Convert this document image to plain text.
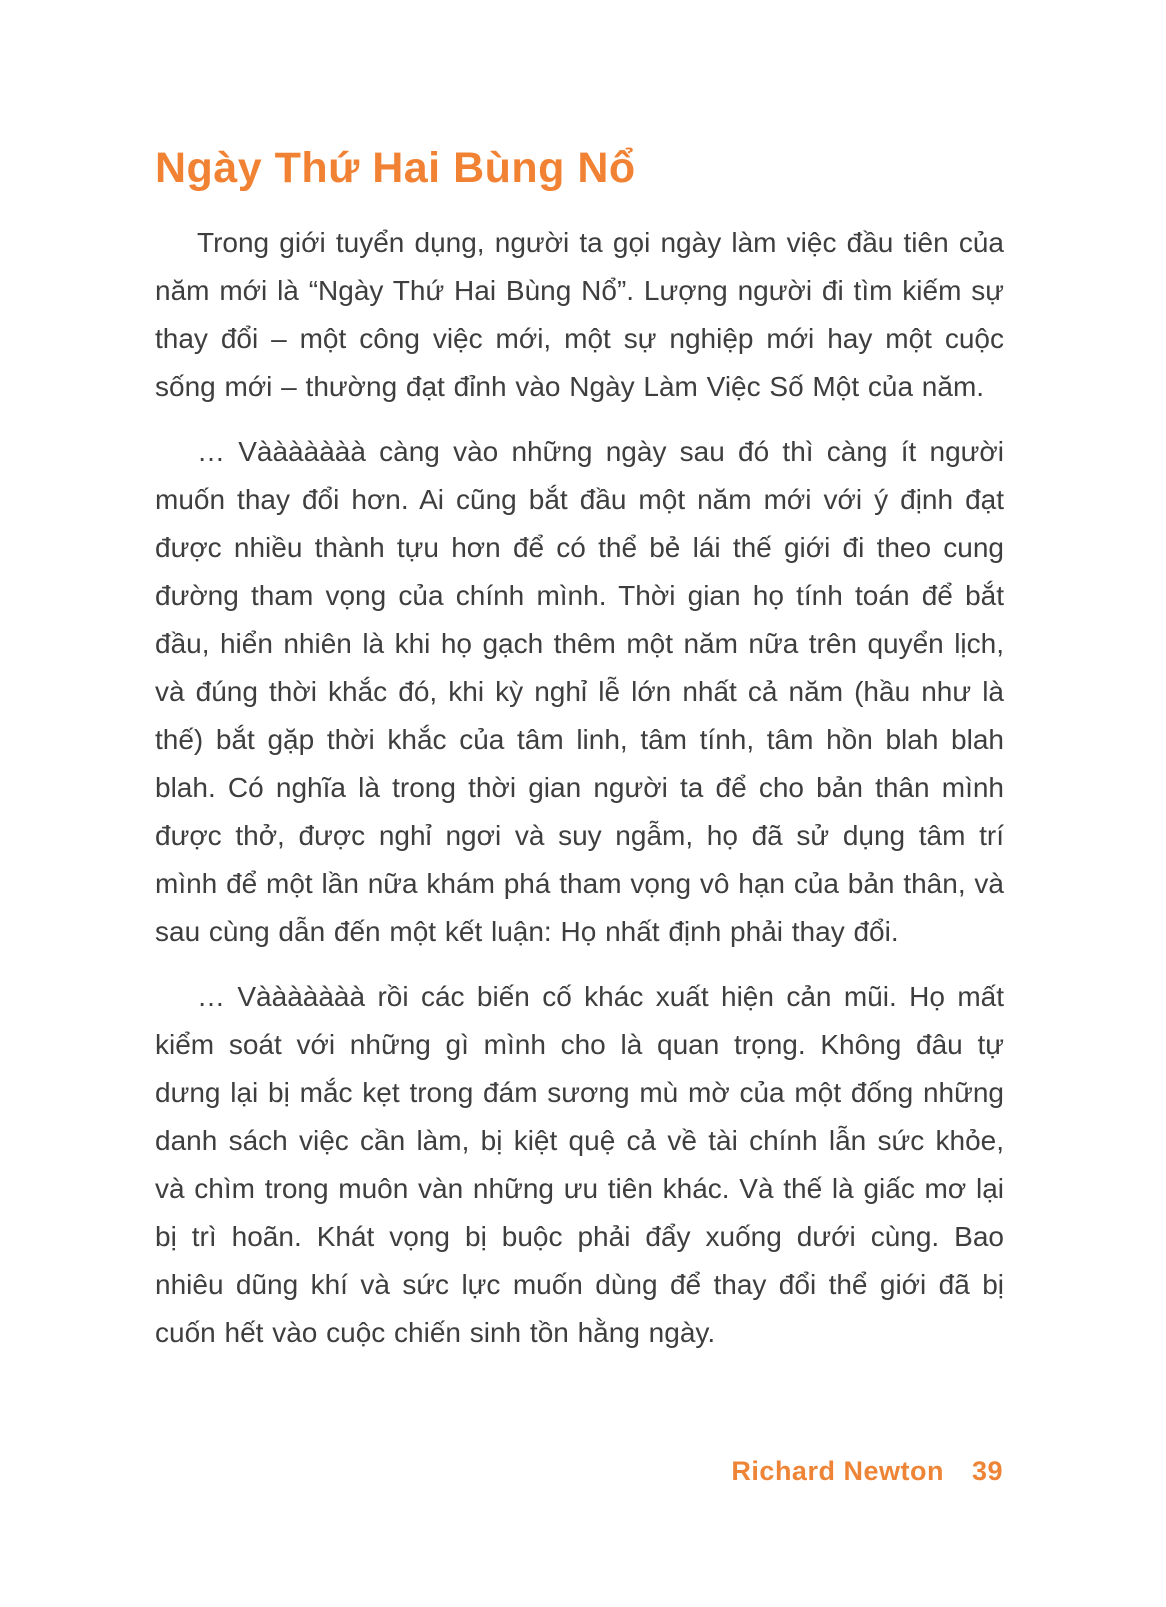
Ngày Thứ Hai Bùng Nổ

Trong giới tuyển dụng, người ta gọi ngày làm việc đầu tiên của năm mới là “Ngày Thứ Hai Bùng Nổ”. Lượng người đi tìm kiếm sự thay đổi – một công việc mới, một sự nghiệp mới hay một cuộc sống mới – thường đạt đỉnh vào Ngày Làm Việc Số Một của năm.

… Vààààààà càng vào những ngày sau đó thì càng ít người muốn thay đổi hơn. Ai cũng bắt đầu một năm mới với ý định đạt được nhiều thành tựu hơn để có thể bẻ lái thế giới đi theo cung đường tham vọng của chính mình. Thời gian họ tính toán để bắt đầu, hiển nhiên là khi họ gạch thêm một năm nữa trên quyển lịch, và đúng thời khắc đó, khi kỳ nghỉ lễ lớn nhất cả năm (hầu như là thế) bắt gặp thời khắc của tâm linh, tâm tính, tâm hồn blah blah blah. Có nghĩa là trong thời gian người ta để cho bản thân mình được thở, được nghỉ ngơi và suy ngẫm, họ đã sử dụng tâm trí mình để một lần nữa khám phá tham vọng vô hạn của bản thân, và sau cùng dẫn đến một kết luận: Họ nhất định phải thay đổi.

… Vààààààà rồi các biến cố khác xuất hiện cản mũi. Họ mất kiểm soát với những gì mình cho là quan trọng. Không đâu tự dưng lại bị mắc kẹt trong đám sương mù mờ của một đống những danh sách việc cần làm, bị kiệt quệ cả về tài chính lẫn sức khỏe, và chìm trong muôn vàn những ưu tiên khác. Và thế là giấc mơ lại bị trì hoãn. Khát vọng bị buộc phải đẩy xuống dưới cùng. Bao nhiêu dũng khí và sức lực muốn dùng để thay đổi thể giới đã bị cuốn hết vào cuộc chiến sinh tồn hằng ngày.

Richard Newton 39
